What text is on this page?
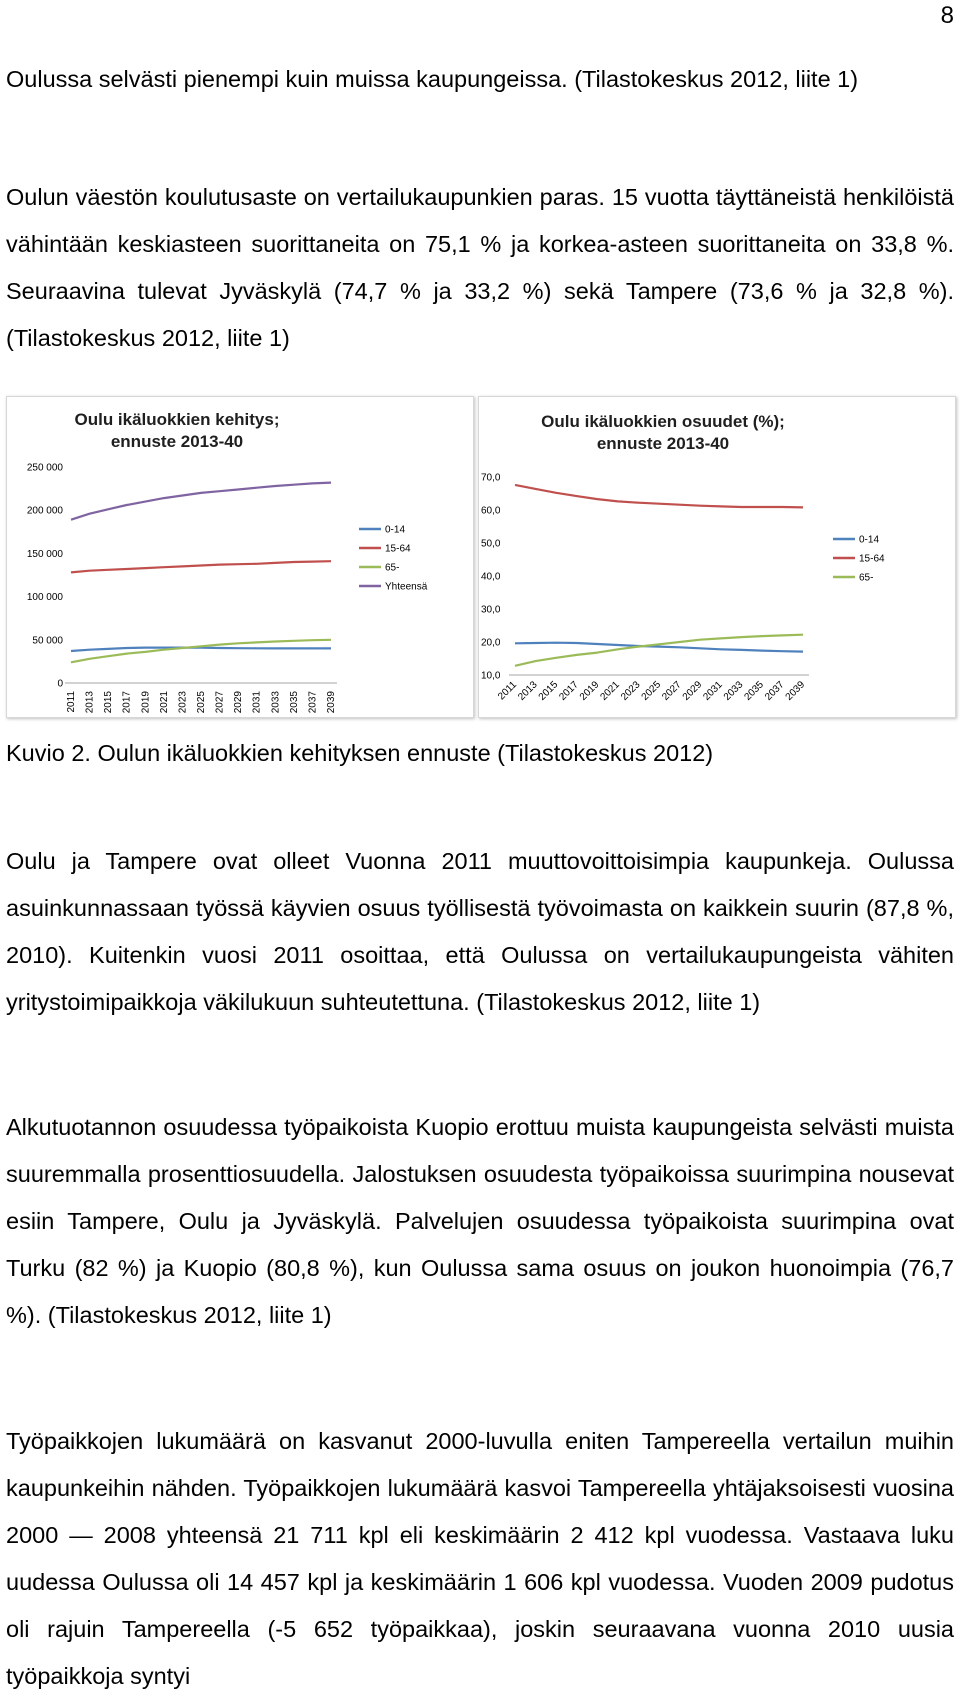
8

Oulussa selvästi pienempi kuin muissa kaupungeissa. (Tilastokeskus 2012, liite 1)

Oulun väestön koulutusaste on vertailukaupunkien paras. 15 vuotta täyttäneistä henkilöistä vähintään keskiasteen suorittaneita on 75,1 % ja korkea-asteen suorittaneita on 33,8 %. Seuraavina tulevat Jyväskylä (74,7 % ja 33,2 %) sekä Tampere (73,6 % ja 32,8 %). (Tilastokeskus 2012, liite 1)

Oulu ikäluokkien kehitys;
ennuste 2013-40
0
50 000
100 000
150 000
200 000
250 000
2011 2013 2015 2017 2019 2021 2023 2025 2027 2029 2031 2033 2035 2037 2039
0-14
15-64
65-
Yhteensä
Oulu ikäluokkien osuudet (%);
ennuste 2013-40
10,0
20,0
30,0
40,0
50,0
60,0
70,0
2011
2013
2015
2017
2019
2021
2023
2025
2027
2029
2031
2033
2035
2037
2039
0-14
15-64
65-
Kuvio 2. Oulun ikäluokkien kehityksen ennuste (Tilastokeskus 2012)

Oulu ja Tampere ovat olleet Vuonna 2011 muuttovoittoisimpia kaupunkeja. Oulussa asuinkunnassaan työssä käyvien osuus työllisestä työvoimasta on kaikkein suurin (87,8 %, 2010). Kuitenkin vuosi 2011 osoittaa, että Oulussa on vertailukaupungeista vähiten yritystoimipaikkoja väkilukuun suhteutettuna. (Tilastokeskus 2012, liite 1)

Alkutuotannon osuudessa työpaikoista Kuopio erottuu muista kaupungeista selvästi muista suuremmalla prosenttiosuudella. Jalostuksen osuudesta työpaikoissa suurimpina nousevat esiin Tampere, Oulu ja Jyväskylä. Palvelujen osuudessa työpaikoista suurimpina ovat Turku (82 %) ja Kuopio (80,8 %), kun Oulussa sama osuus on joukon huonoimpia (76,7 %). (Tilastokeskus 2012, liite 1)

Työpaikkojen lukumäärä on kasvanut 2000-luvulla eniten Tampereella vertailun muihin kaupunkeihin nähden. Työpaikkojen lukumäärä kasvoi Tampereella yhtäjaksoisesti vuosina 2000 — 2008 yhteensä 21 711 kpl eli keskimäärin 2 412 kpl vuodessa. Vastaava luku uudessa Oulussa oli 14 457 kpl ja keskimäärin 1 606 kpl vuodessa. Vuoden 2009 pudotus oli rajuin Tampereella (-5 652 työpaikkaa), joskin seuraavana vuonna 2010 uusia työpaikkoja syntyi
